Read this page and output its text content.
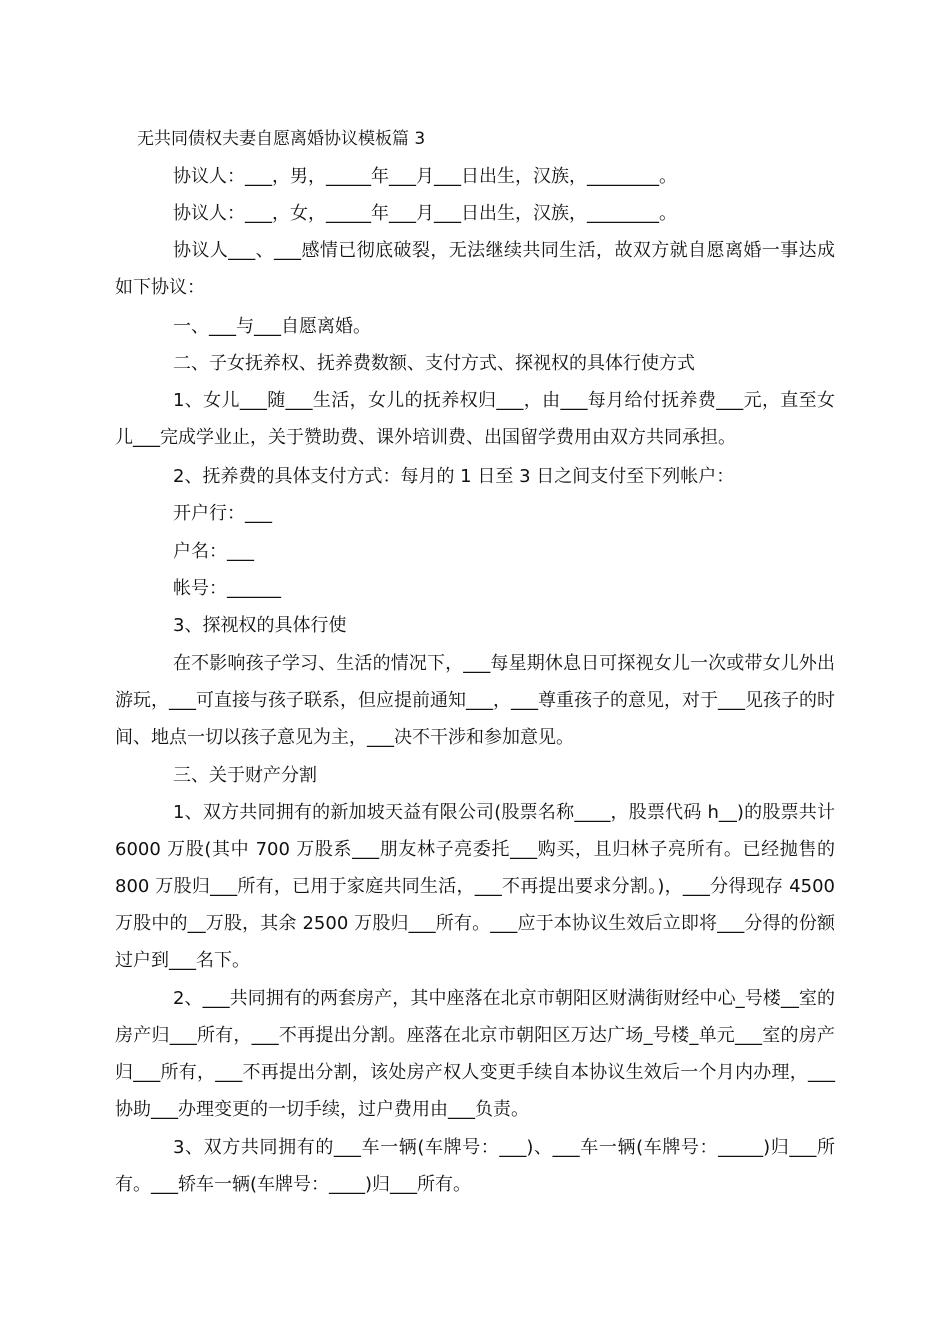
无共同债权夫妻自愿离婚协议模板篇 3

协议人：___，男，_____年___月___日出生，汉族，________。

协议人：___，女，_____年___月___日出生，汉族，________。

协议人___、___感情已彻底破裂，无法继续共同生活，故双方就自愿离婚一事达成如下协议：

一、___与___自愿离婚。

二、子女抚养权、抚养费数额、支付方式、探视权的具体行使方式

1、女儿___随___生活，女儿的抚养权归___，由___每月给付抚养费___元，直至女儿___完成学业止，关于赞助费、课外培训费、出国留学费用由双方共同承担。

2、抚养费的具体支付方式：每月的 1 日至 3 日之间支付至下列帐户：

开户行：___

户名：___

帐号：______

3、探视权的具体行使

在不影响孩子学习、生活的情况下，___每星期休息日可探视女儿一次或带女儿外出游玩，___可直接与孩子联系，但应提前通知___，___尊重孩子的意见，对于___见孩子的时间、地点一切以孩子意见为主，___决不干涉和参加意见。

三、关于财产分割

1、双方共同拥有的新加坡天益有限公司(股票名称____，股票代码 h__)的股票共计 6000 万股(其中 700 万股系___朋友林子亮委托___购买，且归林子亮所有。已经抛售的 800 万股归___所有，已用于家庭共同生活，___不再提出要求分割。)，___分得现存 4500 万股中的__万股，其余 2500 万股归___所有。___应于本协议生效后立即将___分得的份额过户到___名下。

2、___共同拥有的两套房产，其中座落在北京市朝阳区财满街财经中心_号楼__室的房产归___所有，___不再提出分割。座落在北京市朝阳区万达广场_号楼_单元___室的房产归___所有，___不再提出分割，该处房产权人变更手续自本协议生效后一个月内办理，___协助___办理变更的一切手续，过户费用由___负责。

3、双方共同拥有的___车一辆(车牌号：___)、___车一辆(车牌号：_____)归___所有。___轿车一辆(车牌号：____)归___所有。
